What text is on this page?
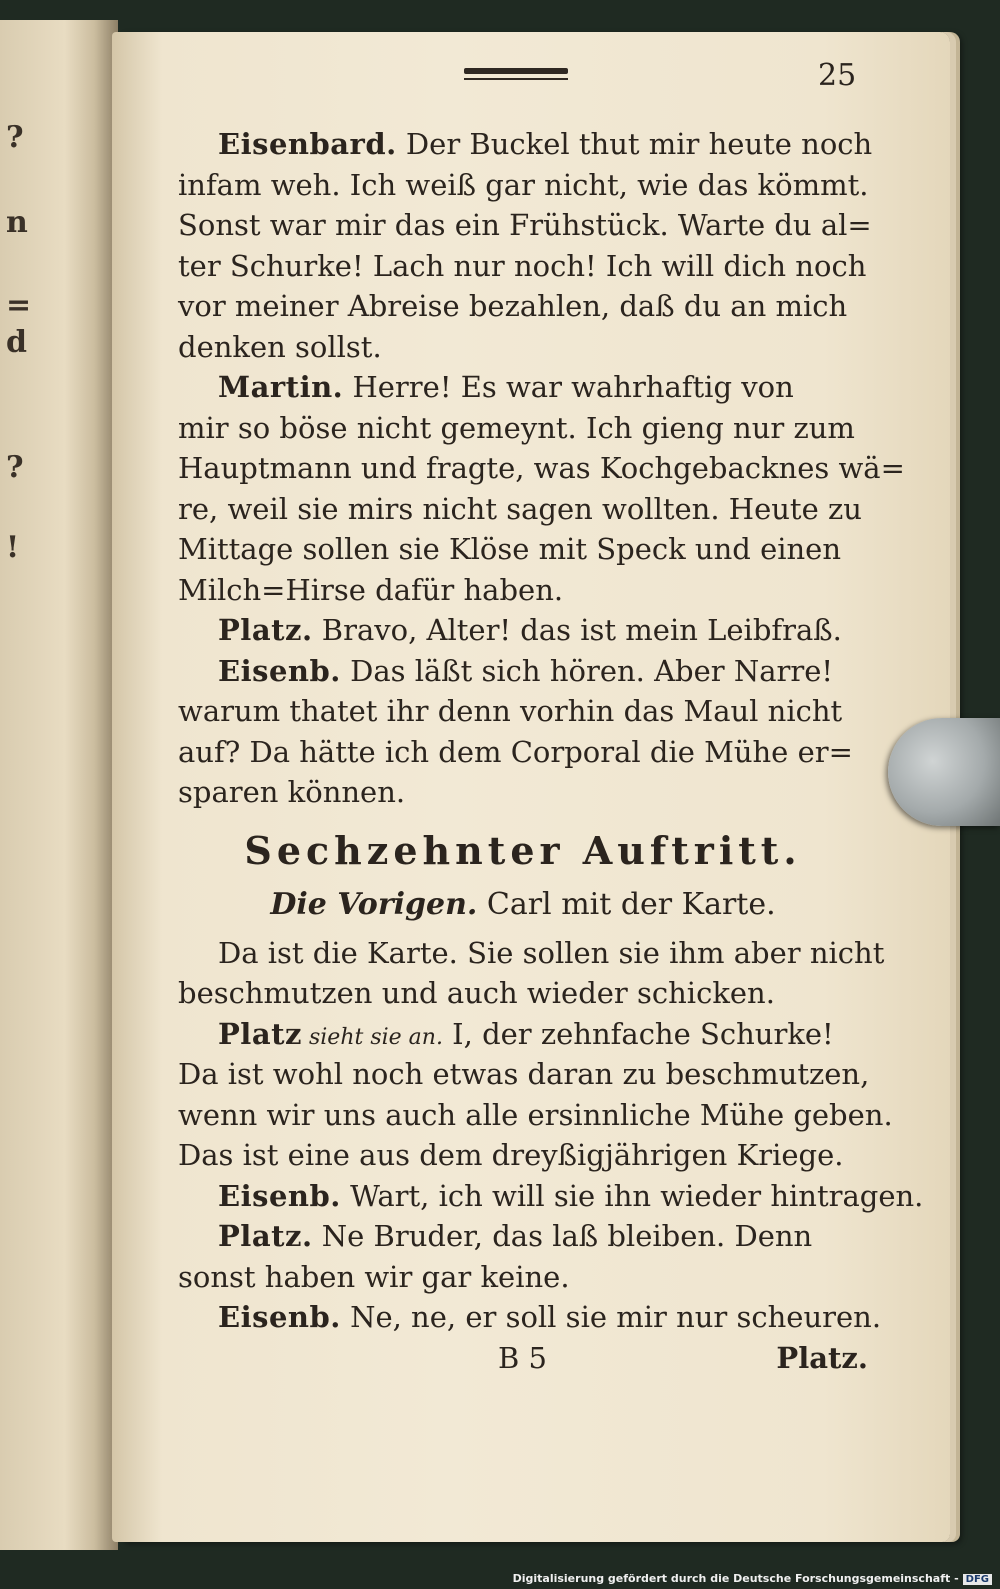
?
n
=
d
?
!
25
Eisenbard. Der Buckel thut mir heute noch
infam weh. Ich weiß gar nicht, wie das kömmt.
Sonst war mir das ein Frühstück. Warte du al=
ter Schurke! Lach nur noch! Ich will dich noch
vor meiner Abreise bezahlen, daß du an mich
denken sollst.
Martin. Herre! Es war wahrhaftig von
mir so böse nicht gemeynt. Ich gieng nur zum
Hauptmann und fragte, was Kochgebacknes wä=
re, weil sie mirs nicht sagen wollten. Heute zu
Mittage sollen sie Klöse mit Speck und einen
Milch=Hirse dafür haben.
Platz. Bravo, Alter! das ist mein Leibfraß.
Eisenb. Das läßt sich hören. Aber Narre!
warum thatet ihr denn vorhin das Maul nicht
auf? Da hätte ich dem Corporal die Mühe er=
sparen können.
Sechzehnter Auftritt.
Die Vorigen. Carl mit der Karte.
Da ist die Karte. Sie sollen sie ihm aber nicht
beschmutzen und auch wieder schicken.
Platz sieht sie an. I, der zehnfache Schurke!
Da ist wohl noch etwas daran zu beschmutzen,
wenn wir uns auch alle ersinnliche Mühe geben.
Das ist eine aus dem dreyßigjährigen Kriege.
Eisenb. Wart, ich will sie ihn wieder hintragen.
Platz. Ne Bruder, das laß bleiben. Denn
sonst haben wir gar keine.
Eisenb. Ne, ne, er soll sie mir nur scheuren.
B 5	Platz.
Digitalisierung gefördert durch die Deutsche Forschungsgemeinschaft - DFG
